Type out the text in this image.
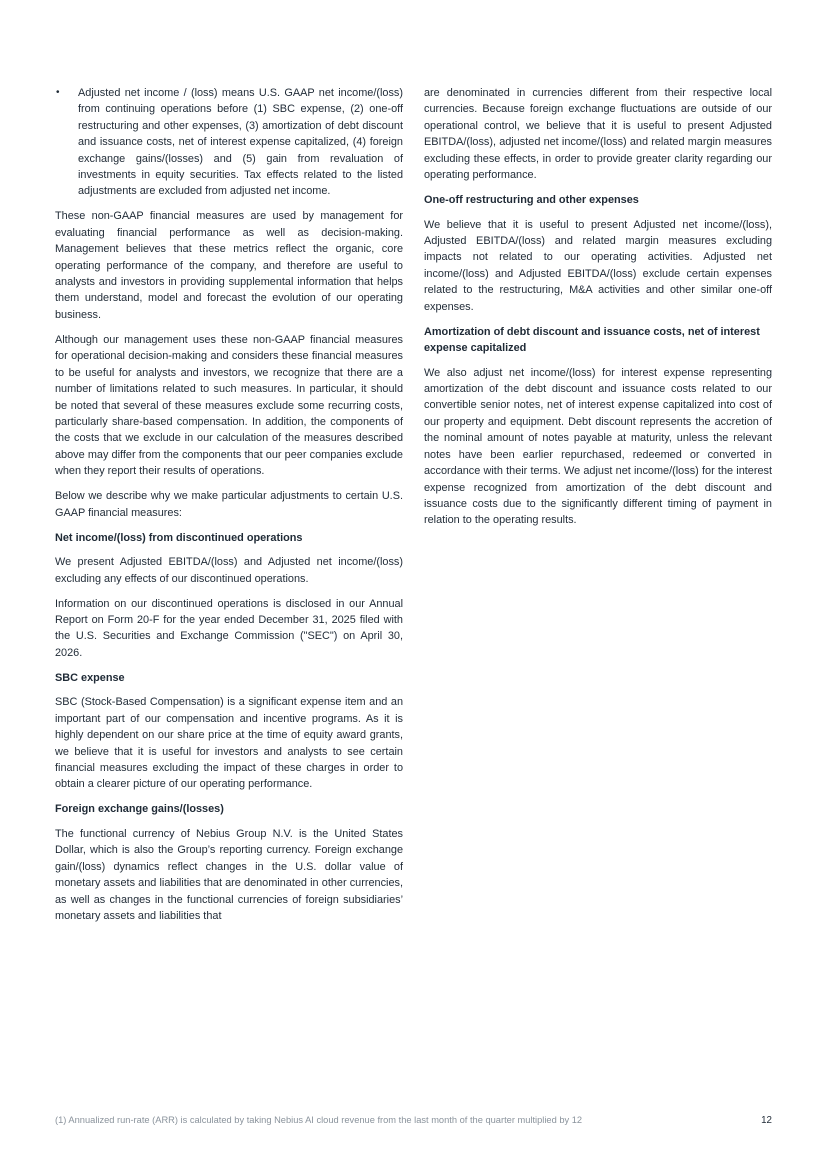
• Adjusted net income / (loss) means U.S. GAAP net income/(loss) from continuing operations before (1) SBC expense, (2) one-off restructuring and other expenses, (3) amortization of debt discount and issuance costs, net of interest expense capitalized, (4) foreign exchange gains/(losses) and (5) gain from revaluation of investments in equity securities. Tax effects related to the listed adjustments are excluded from adjusted net income.

These non-GAAP financial measures are used by management for evaluating financial performance as well as decision-making. Management believes that these metrics reflect the organic, core operating performance of the company, and therefore are useful to analysts and investors in providing supplemental information that helps them understand, model and forecast the evolution of our operating business.

Although our management uses these non-GAAP financial measures for operational decision-making and considers these financial measures to be useful for analysts and investors, we recognize that there are a number of limitations related to such measures. In particular, it should be noted that several of these measures exclude some recurring costs, particularly share-based compensation. In addition, the components of the costs that we exclude in our calculation of the measures described above may differ from the components that our peer companies exclude when they report their results of operations.

Below we describe why we make particular adjustments to certain U.S. GAAP financial measures:

Net income/(loss) from discontinued operations

We present Adjusted EBITDA/(loss) and Adjusted net income/(loss) excluding any effects of our discontinued operations.

Information on our discontinued operations is disclosed in our Annual Report on Form 20-F for the year ended December 31, 2025 filed with the U.S. Securities and Exchange Commission ("SEC") on April 30, 2026.

SBC expense

SBC (Stock-Based Compensation) is a significant expense item and an important part of our compensation and incentive programs. As it is highly dependent on our share price at the time of equity award grants, we believe that it is useful for investors and analysts to see certain financial measures excluding the impact of these charges in order to obtain a clearer picture of our operating performance.

Foreign exchange gains/(losses)

The functional currency of Nebius Group N.V. is the United States Dollar, which is also the Group’s reporting currency. Foreign exchange gain/(loss) dynamics reflect changes in the U.S. dollar value of monetary assets and liabilities that are denominated in other currencies, as well as changes in the functional currencies of foreign subsidiaries’ monetary assets and liabilities that

are denominated in currencies different from their respective local currencies. Because foreign exchange fluctuations are outside of our operational control, we believe that it is useful to present Adjusted EBITDA/(loss), adjusted net income/(loss) and related margin measures excluding these effects, in order to provide greater clarity regarding our operating performance.

One-off restructuring and other expenses

We believe that it is useful to present Adjusted net income/(loss), Adjusted EBITDA/(loss) and related margin measures excluding impacts not related to our operating activities. Adjusted net income/(loss) and Adjusted EBITDA/(loss) exclude certain expenses related to the restructuring, M&A activities and other similar one-off expenses.

Amortization of debt discount and issuance costs, net of interest expense capitalized

We also adjust net income/(loss) for interest expense representing amortization of the debt discount and issuance costs related to our convertible senior notes, net of interest expense capitalized into cost of our property and equipment. Debt discount represents the accretion of the nominal amount of notes payable at maturity, unless the relevant notes have been earlier repurchased, redeemed or converted in accordance with their terms. We adjust net income/(loss) for the interest expense recognized from amortization of the debt discount and issuance costs due to the significantly different timing of payment in relation to the operating results.

(1) Annualized run-rate (ARR) is calculated by taking Nebius AI cloud revenue from the last month of the quarter multiplied by 12	12
